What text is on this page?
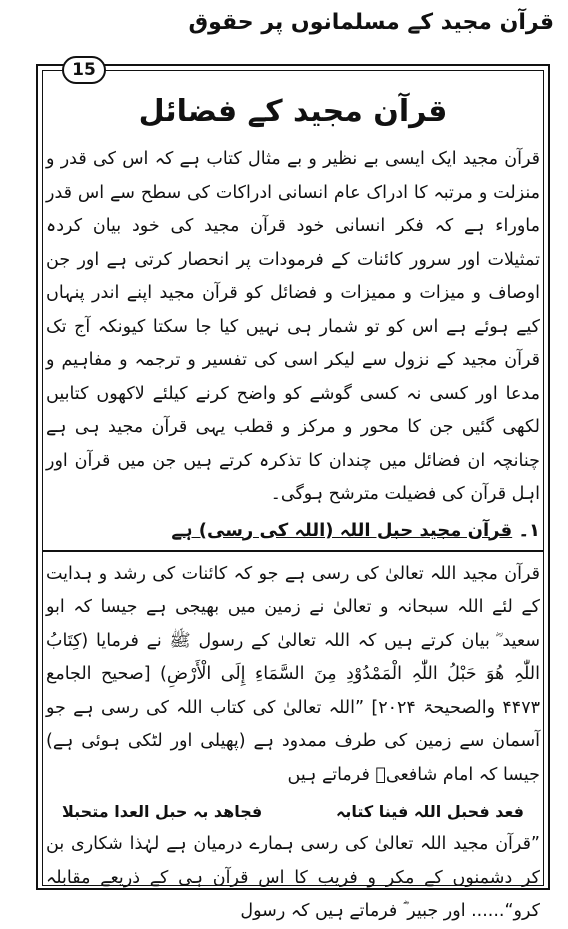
قرآن مجید کے مسلمانوں پر حقوق
15
قرآن مجید کے فضائل

قرآن مجید ایک ایسی بے نظیر و بے مثال کتاب ہے کہ اس کی قدر و منزلت و مرتبہ کا ادراک عام انسانی ادراکات کی سطح سے اس قدر ماوراء ہے کہ فکر انسانی خود قرآن مجید کی خود بیان کردہ تمثیلات اور سرور کائنات کے فرمودات پر انحصار کرتی ہے اور جن اوصاف و میزات و ممیزات و فضائل کو قرآن مجید اپنے اندر پنہاں کیے ہوئے ہے اس کو تو شمار ہی نہیں کیا جا سکتا کیونکہ آج تک قرآن مجید کے نزول سے لیکر اسی کی تفسیر و ترجمہ و مفاہیم و مدعا اور کسی نہ کسی گوشے کو واضح کرنے کیلئے لاکھوں کتابیں لکھی گئیں جن کا محور و مرکز و قطب یہی قرآن مجید ہی ہے چنانچہ ان فضائل میں چندان کا تذکرہ کرتے ہیں جن میں قرآن اور اہل قرآن کی فضیلت مترشح ہوگی۔

۱۔ قرآن مجید حبل اللہ (اللہ کی رسی) ہے

قرآن مجید اللہ تعالیٰ کی رسی ہے جو کہ کائنات کی رشد و ہدایت کے لئے اللہ سبحانہ و تعالیٰ نے زمین میں بھیجی ہے جیسا کہ ابو سعید ؓ بیان کرتے ہیں کہ اللہ تعالیٰ کے رسول ﷺ نے فرمایا (کِتَابُ اللّٰہِ ھُوَ حَبْلُ اللّٰہِ الْمَمْدُوْدِ مِنَ السَّمَاءِ إِلَی الْأَرْضِ) [صحیح الجامع ۴۴۷۳ والصحیحۃ ۲۰۲۴] ”اللہ تعالیٰ کی کتاب اللہ کی رسی ہے جو آسمان سے زمین کی طرف ممدود ہے (پھیلی اور لٹکی ہوئی ہے) جیسا کہ امام شافعیؒ فرماتے ہیں

فعد فحبل اللہ فینا کتابہ
فجاھد بہ حبل العدا متحبلا

”قرآن مجید اللہ تعالیٰ کی رسی ہمارے درمیان ہے لہٰذا شکاری بن کر دشمنوں کے مکر و فریب کا اس قرآن ہی کے ذریعے مقابلہ کرو“...... اور جبیر ؓ فرماتے ہیں کہ رسول
